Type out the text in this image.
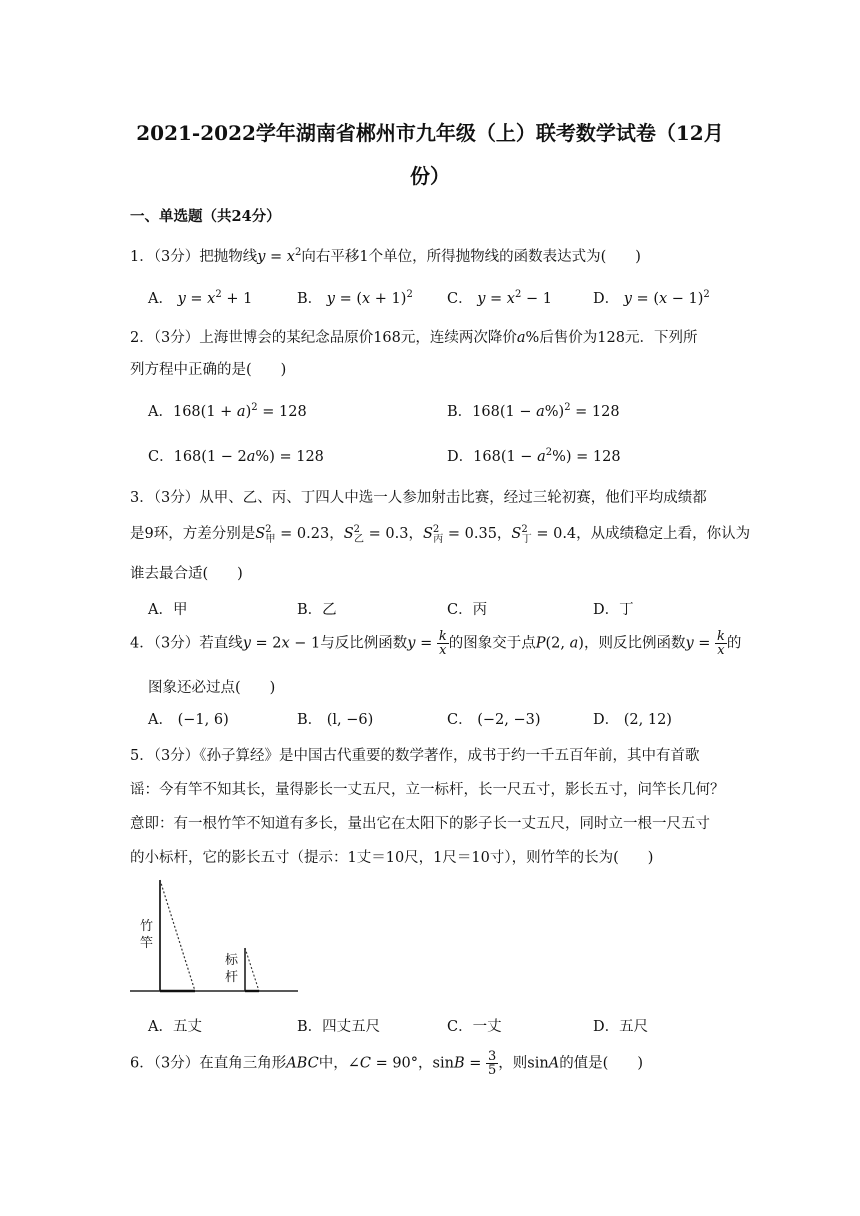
2021-2022学年湖南省郴州市九年级（上）联考数学试卷（12月
份）
一、单选题（共24分）
1．（3分）把抛物线$y = x^2$向右平移1个单位，所得抛物线的函数表达式为(　　)
A． $y = x^2 + 1$	B． $y = (x + 1)^2$ C． $y = x^2 - 1$	D． $y = (x - 1)^2$
2．（3分）上海世博会的某纪念品原价168元，连续两次降价a%后售价为128元．下列所
列方程中正确的是(　　)
A．$168(1 + a)^2 = 128$	B．$168(1 - a\%)^2 = 128$
C．168(1 − 2a%) = 128	D．$168(1 - a^2\%) = 128$
3．（3分）从甲、乙、丙、丁四人中选一人参加射击比赛，经过三轮初赛，他们平均成绩都
是9环，方差分别是$S^2_甲 = 0.23$，$S^2_乙 = 0.3$，$S^2_丙 = 0.35$，$S^2_丁 = 0.4$，从成绩稳定上看，你认为
谁去最合适(　　)
A．甲	B．乙	C．丙	D．丁
4．（3分）若直线y = 2x − 1与反比例函数$y = \frac{k}{x}$ 的图象交于点P(2, a)，则反比例函数$y = \frac{k}{x}$ 的
图象还必过点(　　)
A． (−1, 6)	B． (l, −6)	C． (−2, −3)	D． (2, 12)
5．（3分）《孙子算经》是中国古代重要的数学著作，成书于约一千五百年前，其中有首歌
谣：今有竿不知其长，量得影长一丈五尺，立一标杆，长一尺五寸，影长五寸，问竿长几何？
意即：有一根竹竿不知道有多长，量出它在太阳下的影子长一丈五尺，同时立一根一尺五寸
的小标杆，它的影长五寸（提示：1丈＝10尺，1尺＝10寸），则竹竿的长为(　　)
竹竿
标杆
A．五丈	B．四丈五尺	C．一丈	D．五尺
6．（3分）在直角三角形ABC中，∠C = 90°，$\sin B = \frac{3}{5}$ ，则sinA的值是(　　)
